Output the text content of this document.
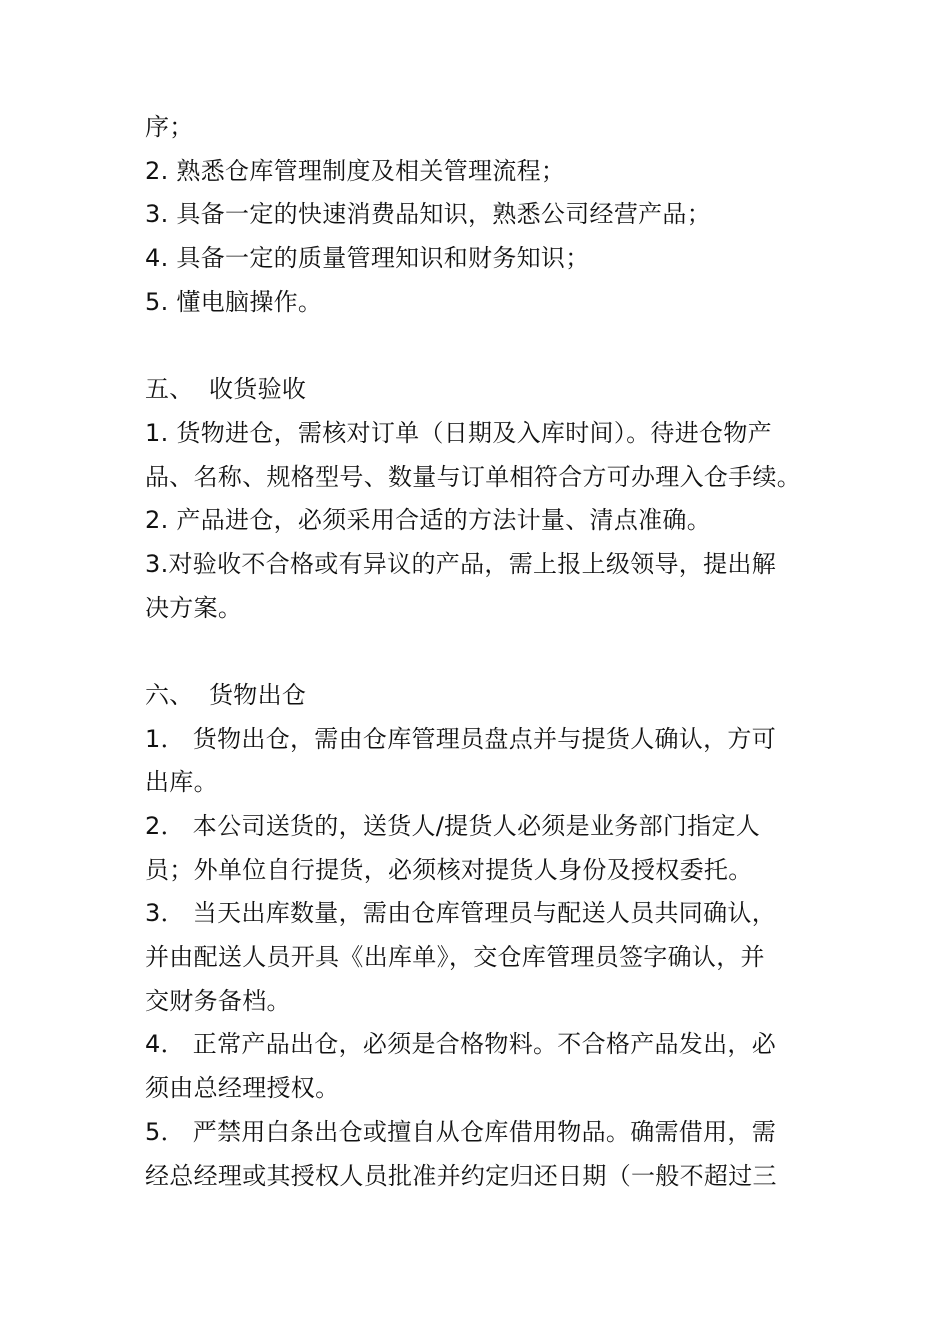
序；
2. 熟悉仓库管理制度及相关管理流程；
3. 具备一定的快速消费品知识，熟悉公司经营产品；
4. 具备一定的质量管理知识和财务知识；
5. 懂电脑操作。
五、 收货验收
1. 货物进仓，需核对订单（日期及入库时间）。待进仓物产
品、名称、规格型号、数量与订单相符合方可办理入仓手续。
2. 产品进仓，必须采用合适的方法计量、清点准确。
3.对验收不合格或有异议的产品，需上报上级领导，提出解
决方案。
六、 货物出仓
1． 货物出仓，需由仓库管理员盘点并与提货人确认，方可
出库。
2． 本公司送货的，送货人/提货人必须是业务部门指定人
员；外单位自行提货，必须核对提货人身份及授权委托。
3． 当天出库数量，需由仓库管理员与配送人员共同确认，
并由配送人员开具《出库单》，交仓库管理员签字确认，并
交财务备档。
4． 正常产品出仓，必须是合格物料。不合格产品发出，必
须由总经理授权。
5． 严禁用白条出仓或擅自从仓库借用物品。确需借用，需
经总经理或其授权人员批准并约定归还日期（一般不超过三
